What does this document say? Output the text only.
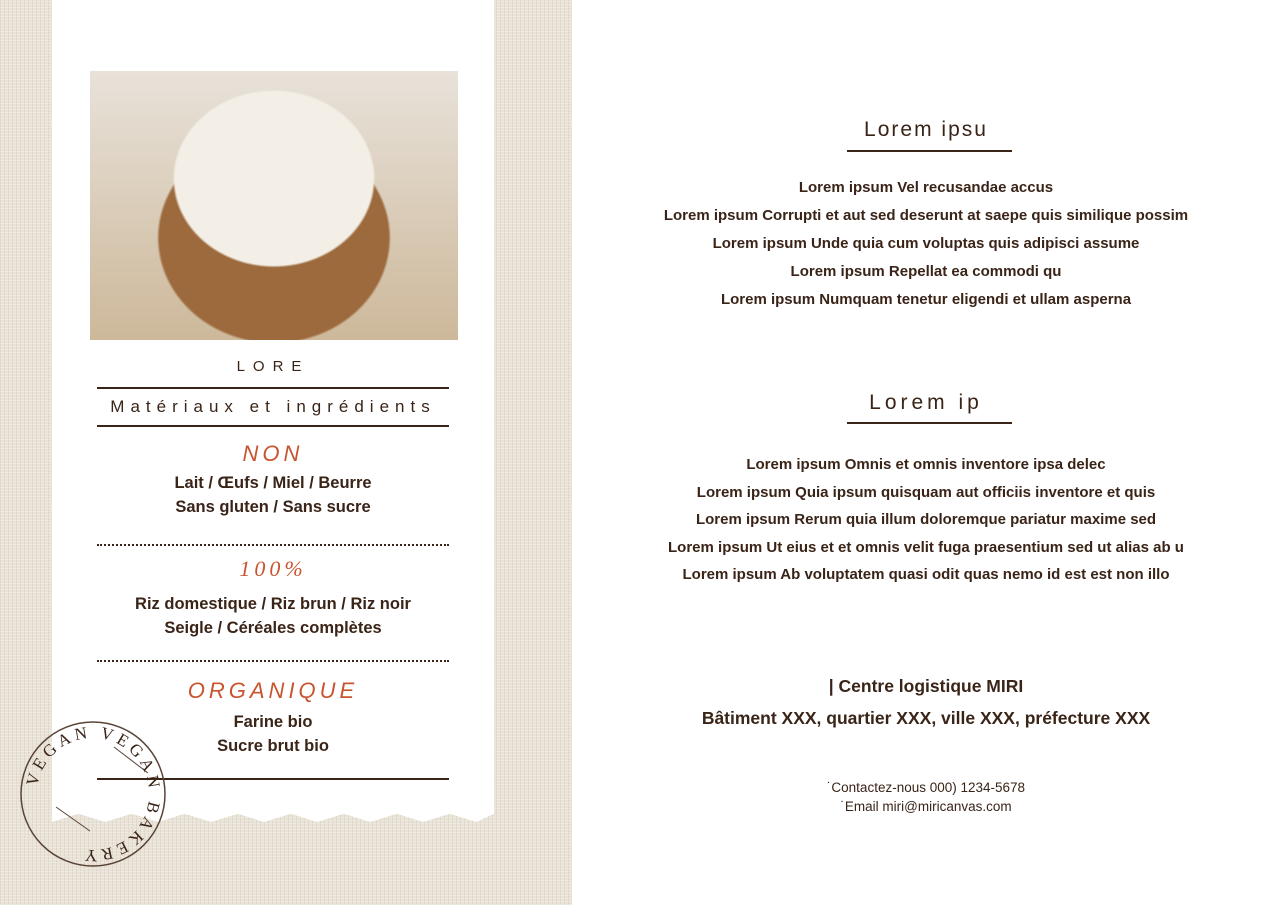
LORE
Matériaux et ingrédients
NON
Lait / Œufs / Miel / Beurre
Sans gluten / Sans sucre
100%
Riz domestique / Riz brun / Riz noir
Seigle / Céréales complètes
ORGANIQUE
Farine bio
Sucre brut bio
VEGAN VEGAN BAKERY
Lorem ipsu
Lorem ipsum Vel recusandae accus
Lorem ipsum Corrupti et aut sed deserunt at saepe quis similique possim
Lorem ipsum Unde quia cum voluptas quis adipisci assume
Lorem ipsum Repellat ea commodi qu
Lorem ipsum Numquam tenetur eligendi et ullam asperna
Lorem ip
Lorem ipsum Omnis et omnis inventore ipsa delec
Lorem ipsum Quia ipsum quisquam aut officiis inventore et quis
Lorem ipsum Rerum quia illum doloremque pariatur maxime sed
Lorem ipsum Ut eius et et omnis velit fuga praesentium sed ut alias ab u
Lorem ipsum Ab voluptatem quasi odit quas nemo id est est non illo
| Centre logistique MIRI
Bâtiment XXX, quartier XXX, ville XXX, préfecture XXX
˙Contactez-nous 000) 1234-5678
˙Email miri@miricanvas.com
